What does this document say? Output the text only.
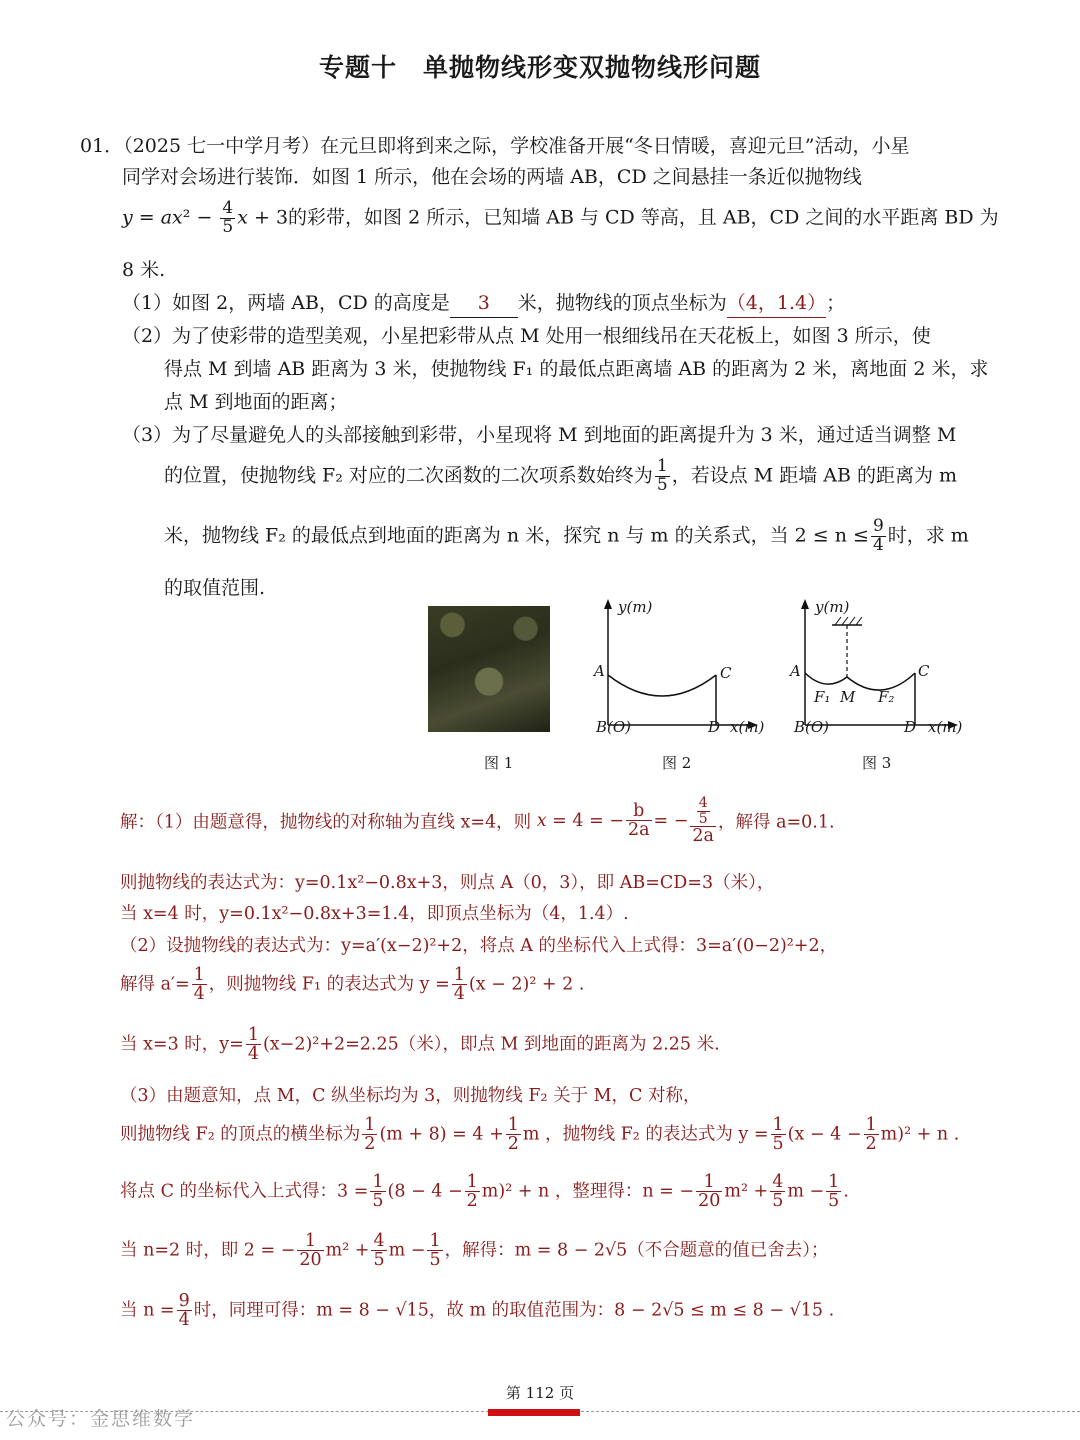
专题十　单抛物线形变双抛物线形问题
01．（2025 七一中学月考）在元旦即将到来之际，学校准备开展“冬日情暖，喜迎元旦”活动，小星
同学对会场进行装饰．如图 1 所示，他在会场的两墙 AB，CD 之间悬挂一条近似抛物线
$y = ax^2 - \frac{4}{5}$ x + 3的彩带，如图 2 所示，已知墙 AB 与 CD 等高，且 AB，CD 之间的水平距离 BD 为
8 米.
（1）如图 2，两墙 AB，CD 的高度是 3 米，抛物线的顶点坐标为（4，1.4）；
（2）为了使彩带的造型美观，小星把彩带从点 M 处用一根细线吊在天花板上，如图 3 所示，使
得点 M 到墙 AB 距离为 3 米，使抛物线 F₁ 的最低点距离墙 AB 的距离为 2 米，离地面 2 米，求
点 M 到地面的距离；
（3）为了尽量避免人的头部接触到彩带，小星现将 M 到地面的距离提升为 3 米，通过适当调整 M
的位置，使抛物线 F₂ 对应的二次函数的二次项系数始终为 $\frac{1}{5}$ ，若设点 M 距墙 AB 的距离为 m
米，抛物线 F₂ 的最低点到地面的距离为 n 米，探究 n 与 m 的关系式，当 $2 \le n \le \frac{9}{4}$ 时，求 m
的取值范围.
图 1
y(m)
A	C
B(O)	D x(m)
图 2
y(m)
A	C
F₁ M F₂
B(O)	D x(m)
图 3
解：（1）由题意得，抛物线的对称轴为直线 x=4，则 x = 4 = − $\frac{b}{2a}$ = − $\frac{\frac{4}{5}}{2a}$ ，解得 a=0.1.
则抛物线的表达式为：y=0.1x²−0.8x+3，则点 A（0，3），即 AB=CD=3（米），
当 x=4 时，y=0.1x²−0.8x+3=1.4，即顶点坐标为（4，1.4）.
（2）设抛物线的表达式为：y=a′(x−2)²+2，将点 A 的坐标代入上式得：3=a′(0−2)²+2，
解得 $a'= \frac{1}{4}$ ，则抛物线 F₁ 的表达式为 $y = \frac{1}{4} (x - 2)^2 + 2$ .
当 x=3 时，$y= \frac{1}{4} (x-2)^2+2=2.25$（米），即点 M 到地面的距离为 2.25 米.
（3）由题意知，点 M，C 纵坐标均为 3，则抛物线 F₂ 关于 M，C 对称，
则抛物线 F₂ 的顶点的横坐标为 $\frac{1}{2} (m + 8) = 4 + \frac{1}{2}$ m ，抛物线 F₂ 的表达式为 $y = \frac{1}{5} (x - 4 - \frac{1}{2} m)^2 + n$ .
将点 C 的坐标代入上式得：$3 = \frac{1}{5} (8 - 4 - \frac{1}{2} m)^2 + n$ ，整理得：n = − $\frac{1}{20} m^2 + \frac{4}{5}$ $m - \frac{1}{5}$ .
当 n=2 时，即 2 = − $\frac{1}{20} m^2 + \frac{4}{5}$ $m - \frac{1}{5}$ ，解得：m = 8 − 2√5（不合题意的值已舍去）；
当 $n = \frac{9}{4}$ 时，同理可得：m = 8 − √15，故 m 的取值范围为：8 − 2√5 ≤ m ≤ 8 − √15 .
第 112 页
公众号：金思维数学
